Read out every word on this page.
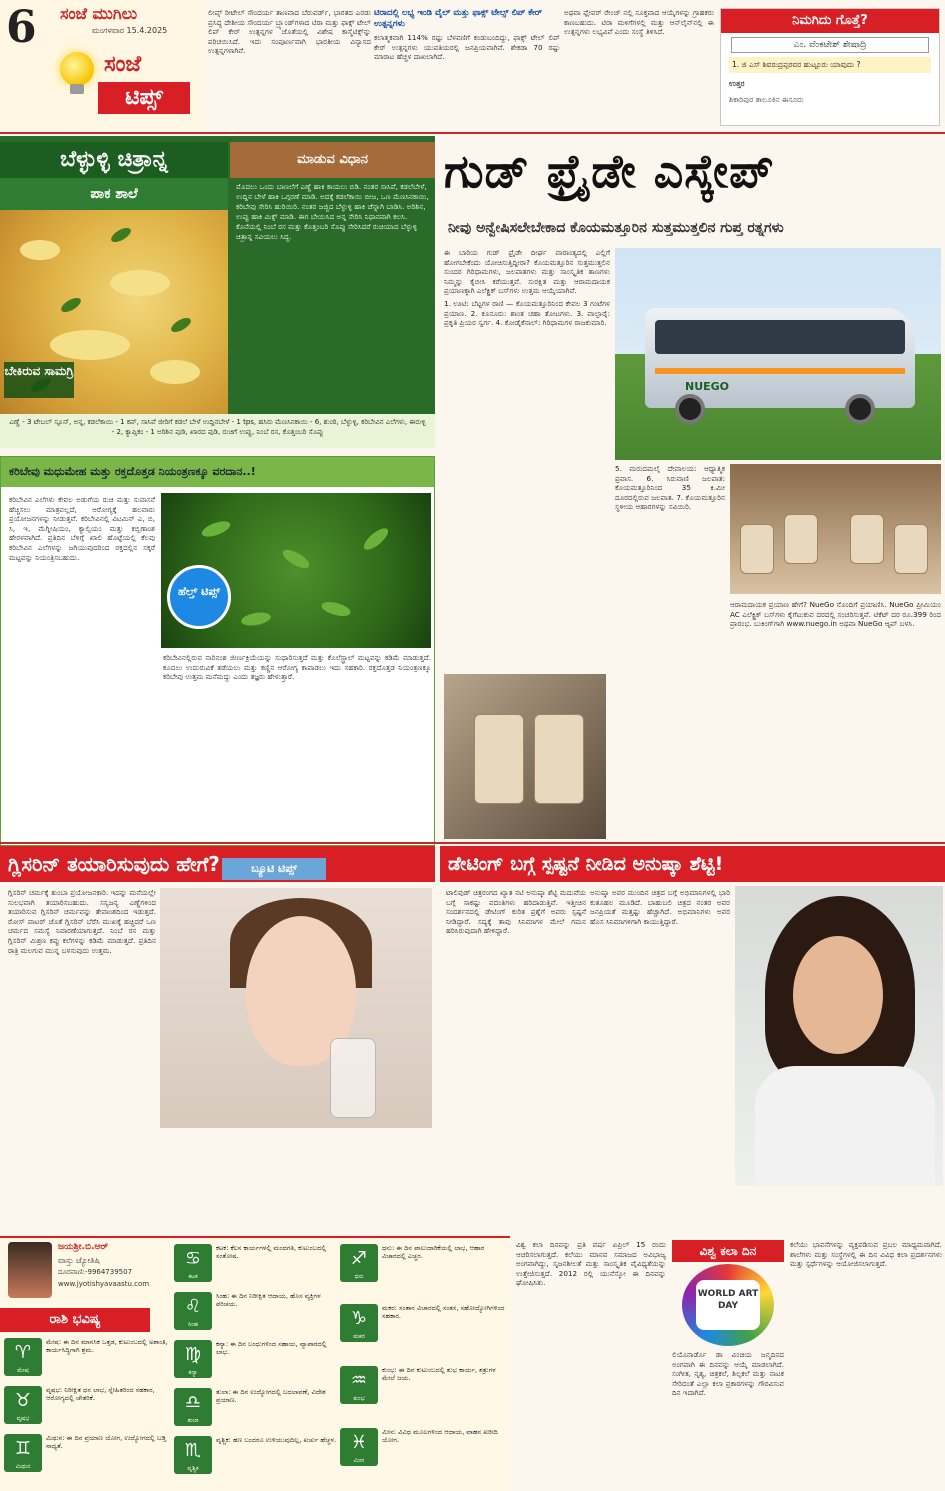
6 ಸಂಜೆ ಮುಗಿಲು
ಮಂಗಳವಾರ 15.4.2025
ಸಂಜೆ
ಟಿಪ್ಸ್
ಲೀಪ್ಸ್ ರೀಟೇಲ್ ಸೌಂದರ್ಯ ತಾಣವಾದ ಬೆರುವರ್ಡ್, ಭಾರತದ ಎರಡು ಪ್ರಸಿದ್ಧ ದೇಶೀಯ ಸೌಂದರ್ಯ ಬ್ರ್ಯಾಂಡ್‌ಗಳಾದ ಟಿರಾ ಮತ್ತು ಫಾಕ್ಸ್ ಟೇಲ್ ಲಿಪ್ ಕೇರ್ ಉತ್ಪನ್ನಗಳ ಜೊತೆಯಲ್ಲಿ ವಿಶೇಷ ಕಾಸ್ಮೆಟಿಕ್ಸ್‌ನ್ನು ಪರಿಚಯಿಸಿದೆ. ಇದು ಸಂಪೂರ್ಣವಾಗಿ ಭಾರತೀಯ ವಿನ್ಯಾಸದ ಉತ್ಪನ್ನಗಳಾಗಿವೆ.
ಟಿರಾದಲ್ಲಿ ಲಭ್ಯ ಇಂಡಿ ವೈಲ್ ಮತ್ತು ಫಾಕ್ಸ್ ಟೇಲ್ಸ್ ಲಿಪ್ ಕೇರ್ ಉತ್ಪನ್ನಗಳು
ಕಲಾತ್ಮಕವಾಗಿ 114% ರಷ್ಟು ಬೆಳವಣಿಗೆ ಕಂಡುಬಂದಿದ್ದು, ಫಾಕ್ಸ್ ಟೇಲ್ ಲಿಪ್ ಕೇರ್ ಉತ್ಪನ್ನಗಳು ಯುವತಿಯರಲ್ಲಿ ಜನಪ್ರಿಯವಾಗಿವೆ. ಶೇಕಡಾ 70 ರಷ್ಟು ಮಾರಾಟ ಹೆಚ್ಚಳ ದಾಖಲಾಗಿದೆ.
ಅಥವಾ ಫ್ಲೇವರ್ ರೇಂಜ್ ನಲ್ಲಿ ಸೂಕ್ತವಾದ ಆಯ್ಕೆಗಳನ್ನು ಗ್ರಾಹಕರು ಕಾಣಬಹುದು. ಟಿರಾ ಮಳಿಗೆಗಳಲ್ಲಿ ಮತ್ತು ಆನ್‌ಲೈನ್‌ನಲ್ಲಿ ಈ ಉತ್ಪನ್ನಗಳು ಲಭ್ಯವಿವೆ ಎಂದು ಸಂಸ್ಥೆ ತಿಳಿಸಿದೆ.
ನಿಮಗಿದು ಗೊತ್ತೆ?
ಎಂ. ವೆಂಕಟೇಶ್ ಶೇಷಾದ್ರಿ
1. ಜಿ ಎಸ್ ಶಿವರುದ್ರಪ್ಪರವರ ಹುಟ್ಟೂರು ಯಾವುದು ?
ಉತ್ತರ
ಶಿಕಾರಿಪುರ ತಾಲೂಕಿನ ಈಸೂರು
ಬೆಳ್ಳುಳ್ಳಿ ಚಿತ್ರಾನ್ನ	ಮಾಡುವ ವಿಧಾನ
ಪಾಕ ಶಾಲೆ
ಬೇಕಿರುವ ಸಾಮಗ್ರಿ
ಮೊದಲು ಒಂದು ಬಾಣಲೆಗೆ ಎಣ್ಣೆ ಹಾಕಿ ಕಾಯಲು ಬಿಡಿ. ನಂತರ ಸಾಸಿವೆ, ಕಡಲೆಬೇಳೆ, ಉದ್ದಿನ ಬೇಳೆ ಹಾಕಿ ಒಗ್ಗರಣೆ ಮಾಡಿ. ಅದಕ್ಕೆ ಕಡಲೆಕಾಯಿ ಬೀಜ, ಒಣ ಮೆಣಸಿನಕಾಯಿ, ಕರಿಬೇವು ಸೇರಿಸಿ ಹುರಿಯಿರಿ. ನಂತರ ಜಜ್ಜಿದ ಬೆಳ್ಳುಳ್ಳಿ ಹಾಕಿ ಚೆನ್ನಾಗಿ ಬಾಡಿಸಿ. ಅರಿಶಿನ, ಉಪ್ಪು ಹಾಕಿ ಮಿಕ್ಸ್ ಮಾಡಿ. ಈಗ ಬೇಯಿಸಿದ ಅನ್ನ ಸೇರಿಸಿ ನಿಧಾನವಾಗಿ ಕಲಸಿ. ಕೊನೆಯಲ್ಲಿ ನಿಂಬೆ ರಸ ಮತ್ತು ಕೊತ್ತಂಬರಿ ಸೊಪ್ಪು ಸೇರಿಸಿದರೆ ರುಚಿಯಾದ ಬೆಳ್ಳುಳ್ಳಿ ಚಿತ್ರಾನ್ನ ಸವಿಯಲು ಸಿದ್ಧ.
ಎಣ್ಣೆ - 3 ಟೇಬಲ್ ಸ್ಪೂನ್, ಅನ್ನ, ಕಡಲೆಕಾಯಿ - 1 ಕಪ್, ಸಾಸಿವೆ ಜೀರಿಗೆ ಕಡಲೆ ಬೇಳೆ ಉದ್ದಿನಬೇಳೆ - 1 tps, ಹಸಿರು ಮೆಣಸಿನಕಾಯಿ - 6, ಶುಂಠಿ, ಬೆಳ್ಳುಳ್ಳಿ, ಕರಿಬೇವಿನ ಎಲೆಗಳು, ಈರುಳ್ಳಿ - 2, ಕ್ಯಾಪ್ಸಿಕಂ - 1 ಅರಿಶಿನ ಪುಡಿ, ಖಾರದ ಪುಡಿ, ರುಚಿಗೆ ಉಪ್ಪು, ನಿಂಬೆ ರಸ, ಕೊತ್ತಂಬರಿ ಸೊಪ್ಪು
ಕರಿಬೇವು ಮಧುಮೇಹ ಮತ್ತು ರಕ್ತದೊತ್ತಡ ನಿಯಂತ್ರಣಕ್ಕೂ ವರದಾನ..!
ಕರಿಬೇವಿನ ಎಲೆಗಳು ಕೇವಲ ಅಡುಗೆಯ ರುಚಿ ಮತ್ತು ಸುವಾಸನೆ ಹೆಚ್ಚಿಸಲು ಮಾತ್ರವಲ್ಲದೆ, ಆರೋಗ್ಯಕ್ಕೆ ಹಲವಾರು ಪ್ರಯೋಜನಗಳನ್ನು ನೀಡುತ್ತವೆ. ಕರಿಬೇವಿನಲ್ಲಿ ವಿಟಮಿನ್ ಎ, ಬಿ, ಸಿ, ಇ, ಮೆಗ್ನೀಷಿಯಂ, ಕ್ಯಾಲ್ಸಿಯಂ ಮತ್ತು ಕಬ್ಬಿಣಾಂಶ ಹೇರಳವಾಗಿದೆ. ಪ್ರತಿದಿನ ಬೆಳಿಗ್ಗೆ ಖಾಲಿ ಹೊಟ್ಟೆಯಲ್ಲಿ ಕೆಲವು ಕರಿಬೇವಿನ ಎಲೆಗಳನ್ನು ಜಗಿಯುವುದರಿಂದ ರಕ್ತದಲ್ಲಿನ ಸಕ್ಕರೆ ಮಟ್ಟವನ್ನು ನಿಯಂತ್ರಿಸಬಹುದು.
ಹೆಲ್ತ್ ಟಿಪ್ಸ್
ಕರಿಬೇವಿನಲ್ಲಿರುವ ನಾರಿನಂಶ ಜೀರ್ಣಕ್ರಿಯೆಯನ್ನು ಸುಧಾರಿಸುತ್ತದೆ ಮತ್ತು ಕೊಲೆಸ್ಟ್ರಾಲ್ ಮಟ್ಟವನ್ನು ಕಡಿಮೆ ಮಾಡುತ್ತದೆ. ಕೂದಲು ಉದುರುವಿಕೆ ತಡೆಯಲು ಮತ್ತು ಕಣ್ಣಿನ ಆರೋಗ್ಯ ಕಾಪಾಡಲು ಇದು ಸಹಕಾರಿ. ರಕ್ತದೊತ್ತಡ ನಿಯಂತ್ರಣಕ್ಕೂ ಕರಿಬೇವು ಉತ್ತಮ ಮನೆಮದ್ದು ಎಂದು ತಜ್ಞರು ಹೇಳುತ್ತಾರೆ.
ಗುಡ್ ಫ್ರೈಡೇ ಎಸ್ಕೇಪ್
ನೀವು ಅನ್ವೇಷಿಸಲೇಬೇಕಾದ ಕೊಯಮತ್ತೂರಿನ ಸುತ್ತಮುತ್ತಲಿನ ಗುಪ್ತ ರತ್ನಗಳು

ಈ ಬಾರಿಯ ಗುಡ್ ಫ್ರೈಡೇ ದೀರ್ಘ ವಾರಾಂತ್ಯದಲ್ಲಿ ಎಲ್ಲಿಗೆ ಹೋಗಬೇಕೆಂದು ಯೋಚಿಸುತ್ತಿದ್ದೀರಾ? ಕೊಯಮತ್ತೂರಿನ ಸುತ್ತಮುತ್ತಲಿನ ಸುಂದರ ಗಿರಿಧಾಮಗಳು, ಜಲಪಾತಗಳು ಮತ್ತು ಸಾಂಸ್ಕೃತಿಕ ತಾಣಗಳು ನಿಮ್ಮನ್ನು ಕೈಬೀಸಿ ಕರೆಯುತ್ತವೆ. ಸುರಕ್ಷಿತ ಮತ್ತು ಆರಾಮದಾಯಕ ಪ್ರಯಾಣಕ್ಕಾಗಿ ಎಲೆಕ್ಟ್ರಿಕ್ ಬಸ್‌ಗಳು ಉತ್ತಮ ಆಯ್ಕೆಯಾಗಿವೆ.

1. ಊಟಿ: ಬೆಟ್ಟಗಳ ರಾಣಿ — ಕೊಯಮತ್ತೂರಿನಿಂದ ಕೇವಲ 3 ಗಂಟೆಗಳ ಪ್ರಯಾಣ. 2. ಕೂನೂರು: ಶಾಂತ ಚಹಾ ತೋಟಗಳು. 3. ವಾಲ್ಪಾರೈ: ಪ್ರಕೃತಿ ಪ್ರಿಯರ ಸ್ವರ್ಗ. 4. ಕೋಡೈಕೆನಾಲ್: ಗಿರಿಧಾಮಗಳ ರಾಜಕುಮಾರಿ.

NUEGO
5. ಮರುದಮಲೈ ದೇವಾಲಯ: ಆಧ್ಯಾತ್ಮಿಕ ಪ್ರವಾಸ. 6. ಸಿರುವಾಣಿ ಜಲಪಾತ: ಕೊಯಮತ್ತೂರಿನಿಂದ 35 ಕಿ.ಮೀ ದೂರದಲ್ಲಿರುವ ಜಲಪಾತ. 7. ಕೊಯಮತ್ತೂರಿನ ಸ್ಥಳೀಯ ಆಹಾರಗಳನ್ನು ಸವಿಯಿರಿ.
ಆರಾಮದಾಯಕ ಪ್ರಯಾಣ ಹೇಗೆ? NueGo ನೊಂದಿಗೆ ಪ್ರಯಾಣಿಸಿ. NueGo ಪ್ರೀಮಿಯಂ AC ಎಲೆಕ್ಟ್ರಿಕ್ ಬಸ್‌ಗಳು ಕೈಗೆಟುಕುವ ದರದಲ್ಲಿ ಸಂಚರಿಸುತ್ತವೆ. ಟಿಕೆಟ್ ದರ ರೂ.399 ರಿಂದ ಪ್ರಾರಂಭ. ಬುಕಿಂಗ್‌ಗಾಗಿ www.nuego.in ಅಥವಾ NueGo ಆ್ಯಪ್ ಬಳಸಿ.
ಗ್ಲಿಸರಿನ್ ತಯಾರಿಸುವುದು ಹೇಗೆ?
ಗ್ಲಿಸರಿನ್ ಚರ್ಮಕ್ಕೆ ತುಂಬಾ ಪ್ರಯೋಜನಕಾರಿ. ಇದನ್ನು ಮನೆಯಲ್ಲೇ ಸುಲಭವಾಗಿ ತಯಾರಿಸಬಹುದು. ಸಸ್ಯಜನ್ಯ ಎಣ್ಣೆಗಳಿಂದ ತಯಾರಿಸುವ ಗ್ಲಿಸರಿನ್ ಚರ್ಮವನ್ನು ತೇವಾಂಶದಿಂದ ಇಡುತ್ತದೆ. ರೋಸ್ ವಾಟರ್ ಜೊತೆ ಗ್ಲಿಸರಿನ್ ಬೆರೆಸಿ ಮುಖಕ್ಕೆ ಹಚ್ಚಿದರೆ ಒಣ ಚರ್ಮದ ಸಮಸ್ಯೆ ನಿವಾರಣೆಯಾಗುತ್ತದೆ. ನಿಂಬೆ ರಸ ಮತ್ತು ಗ್ಲಿಸರಿನ್ ಮಿಶ್ರಣ ಕಪ್ಪು ಕಲೆಗಳನ್ನು ಕಡಿಮೆ ಮಾಡುತ್ತದೆ. ಪ್ರತಿದಿನ ರಾತ್ರಿ ಮಲಗುವ ಮುನ್ನ ಬಳಸುವುದು ಉತ್ತಮ.
ಬ್ಯೂಟಿ ಟಿಪ್ಸ್	ಡೇಟಿಂಗ್ ಬಗ್ಗೆ ಸ್ಪಷ್ಟನೆ ನೀಡಿದ ಅನುಷ್ಕಾ ಶೆಟ್ಟಿ!
ಟಾಲಿವುಡ್ ಚಿತ್ರರಂಗದ ಖ್ಯಾತ ನಟಿ ಅನುಷ್ಕಾ ಶೆಟ್ಟಿ ಮದುವೆಯ ಬಗ್ಗೆ ಸಾಕಷ್ಟು ವದಂತಿಗಳು ಹರಿದಾಡುತ್ತಿವೆ. ಇತ್ತೀಚಿನ ಸಂದರ್ಶನದಲ್ಲಿ ಡೇಟಿಂಗ್ ಕುರಿತ ಪ್ರಶ್ನೆಗೆ ಅವರು ಸ್ಪಷ್ಟನೆ ನೀಡಿದ್ದಾರೆ. ಸದ್ಯಕ್ಕೆ ತಾವು ಸಿನಿಮಾಗಳ ಮೇಲೆ ಗಮನ ಹರಿಸಿರುವುದಾಗಿ ಹೇಳಿದ್ದಾರೆ.
ಅನುಷ್ಕಾ ಅವರ ಮುಂದಿನ ಚಿತ್ರದ ಬಗ್ಗೆ ಅಭಿಮಾನಿಗಳಲ್ಲಿ ಭಾರಿ ಕುತೂಹಲ ಮೂಡಿದೆ. ಬಾಹುಬಲಿ ಚಿತ್ರದ ನಂತರ ಅವರ ಜನಪ್ರಿಯತೆ ಮತ್ತಷ್ಟು ಹೆಚ್ಚಾಗಿದೆ. ಅಭಿಮಾನಿಗಳು ಅವರ ಹೊಸ ಸಿನಿಮಾಗಳಿಗಾಗಿ ಕಾಯುತ್ತಿದ್ದಾರೆ.
ಜಯಶ್ರೀ.ಬಿ.ಆರ್
ವಾಸ್ತು ಜ್ಯೋತಿಷಿ
ದೂರವಾಣಿ:-9964739507
www.jyotishyavaastu.com
ರಾಶಿ ಭವಿಷ್ಯ
♈
ಮೇಷ
ಮೇಷ: ಈ ದಿನ ಮಾನಸಿಕ ಒತ್ತಡ, ಕುಟುಂಬದಲ್ಲಿ ಅಶಾಂತಿ, ಕಾರ್ಯಸಿದ್ಧಿಗಾಗಿ ಶ್ರಮ.
♉
ವೃಷಭ
ವೃಷಭ: ನಿರೀಕ್ಷಿತ ಧನ ಲಾಭ, ಸ್ನೇಹಿತರಿಂದ ಸಹಕಾರ, ಆರೋಗ್ಯದಲ್ಲಿ ಚೇತರಿಕೆ.
♊
ಮಿಥುನ
ಮಿಥುನ: ಈ ದಿನ ಪ್ರಯಾಣ ಯೋಗ, ಉದ್ಯೋಗದಲ್ಲಿ ಬಡ್ತಿ ಸಾಧ್ಯತೆ.
♋
ಕಟಕ
ಕಟಕ: ಕೆಲಸ ಕಾರ್ಯಗಳಲ್ಲಿ ಮಂದಗತಿ, ಕುಟುಂಬದಲ್ಲಿ ಸಂತೋಷ.
♌
ಸಿಂಹ
ಸಿಂಹ: ಈ ದಿನ ನಿರೀಕ್ಷಿತ ಆದಾಯ, ಹೊಸ ವ್ಯಕ್ತಿಗಳ ಪರಿಚಯ.
♍
ಕನ್ಯಾ
ಕನ್ಯಾ: ಈ ದಿನ ಬಂಧುಗಳಿಂದ ಸಹಾಯ, ವ್ಯಾಪಾರದಲ್ಲಿ ಲಾಭ.
♎
ತುಲಾ
ತುಲಾ: ಈ ದಿನ ಉದ್ಯೋಗದಲ್ಲಿ ಬದಲಾವಣೆ, ವಿದೇಶ ಪ್ರಯಾಣ.
♏
ವೃಶ್ಚಿಕ
ವೃಶ್ಚಿಕ: ಹಣ ಬಂದರೂ ಉಳಿಯುವುದಿಲ್ಲ, ಖರ್ಚು ಹೆಚ್ಚಳ.
♐
ಧನು
ಧನು: ಈ ದಿನ ಪಾಲುದಾರಿಕೆಯಲ್ಲಿ ಲಾಭ, ಆಹಾರ ವಿಚಾರದಲ್ಲಿ ಎಚ್ಚರ.
♑
ಮಕರ
ಮಕರ: ಸಂತಾನ ವಿಚಾರದಲ್ಲಿ ಸಂತಸ, ಸಹೋದ್ಯೋಗಿಗಳಿಂದ ಸಹಕಾರ.
♒
ಕುಂಭ
ಕುಂಭ: ಈ ದಿನ ಕುಟುಂಬದಲ್ಲಿ ಶುಭ ಕಾರ್ಯ, ಶತ್ರುಗಳ ಮೇಲೆ ಜಯ.
♓
ಮೀನ
ಮೀನ: ವಿವಿಧ ಮೂಲಗಳಿಂದ ಆದಾಯ, ವಾಹನ ಖರೀದಿ ಯೋಗ.
ವಿಶ್ವ ಕಲಾ ದಿನವನ್ನು ಪ್ರತಿ ವರ್ಷ ಏಪ್ರಿಲ್ 15 ರಂದು ಆಚರಿಸಲಾಗುತ್ತದೆ. ಕಲೆಯು ಮಾನವ ಸಮಾಜದ ಅವಿಭಾಜ್ಯ ಅಂಗವಾಗಿದ್ದು, ಸೃಜನಶೀಲತೆ ಮತ್ತು ಸಾಂಸ್ಕೃತಿಕ ವೈವಿಧ್ಯತೆಯನ್ನು ಉತ್ತೇಜಿಸುತ್ತದೆ. 2012 ರಲ್ಲಿ ಯುನೆಸ್ಕೋ ಈ ದಿನವನ್ನು ಘೋಷಿಸಿತು.
ವಿಶ್ವ ಕಲಾ ದಿನ
WORLD ART DAY
ಲಿಯೊನಾರ್ಡೊ ಡಾ ವಿಂಚಿಯ ಜನ್ಮದಿನದ ಅಂಗವಾಗಿ ಈ ದಿನವನ್ನು ಆಯ್ಕೆ ಮಾಡಲಾಗಿದೆ. ಸಂಗೀತ, ನೃತ್ಯ, ಚಿತ್ರಕಲೆ, ಶಿಲ್ಪಕಲೆ ಮತ್ತು ನಾಟಕ ಸೇರಿದಂತೆ ಎಲ್ಲಾ ಕಲಾ ಪ್ರಕಾರಗಳನ್ನು ಗೌರವಿಸುವ ದಿನ ಇದಾಗಿದೆ.
ಕಲೆಯು ಭಾವನೆಗಳನ್ನು ವ್ಯಕ್ತಪಡಿಸುವ ಪ್ರಬಲ ಮಾಧ್ಯಮವಾಗಿದೆ. ಶಾಲೆಗಳು ಮತ್ತು ಸಂಸ್ಥೆಗಳಲ್ಲಿ ಈ ದಿನ ವಿವಿಧ ಕಲಾ ಪ್ರದರ್ಶನಗಳು ಮತ್ತು ಸ್ಪರ್ಧೆಗಳನ್ನು ಆಯೋಜಿಸಲಾಗುತ್ತದೆ.
